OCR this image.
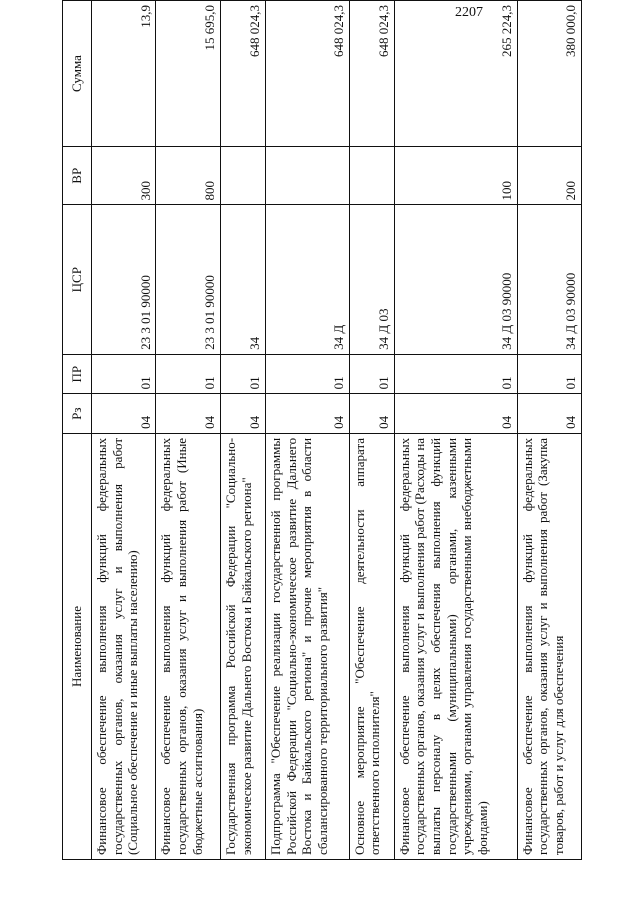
2207
Наименование	Рз	ПР	ЦСР	ВР	Сумма
Финансовое обеспечение выполнения функций федеральных государственных органов, оказания услуг и выполнения работ (Социальное обеспечение и иные выплаты населению)	04	01	23 3 01 90000	300	13,9
Финансовое обеспечение выполнения функций федеральных государственных органов, оказания услуг и выполнения работ (Иные бюджетные ассигнования)	04	01	23 3 01 90000	800	15 695,0
Государственная программа Российской Федерации "Социально-экономическое развитие Дальнего Востока и Байкальского региона"	04	01	34		648 024,3
Подпрограмма "Обеспечение реализации государственной программы Российской Федерации "Социально-экономическое развитие Дальнего Востока и Байкальского региона" и прочие мероприятия в области сбалансированного территориального развития"	04	01	34 Д		648 024,3
Основное мероприятие "Обеспечение деятельности аппарата ответственного исполнителя"	04	01	34 Д 03		648 024,3
Финансовое обеспечение выполнения функций федеральных государственных органов, оказания услуг и выполнения работ (Расходы на выплаты персоналу в целях обеспечения выполнения функций государственными (муниципальными) органами, казенными учреждениями, органами управления государственными внебюджетными фондами)	04	01	34 Д 03 90000	100	265 224,3
Финансовое обеспечение выполнения функций федеральных государственных органов, оказания услуг и выполнения работ (Закупка товаров, работ и услуг для обеспечения	04	01	34 Д 03 90000	200	380 000,0
